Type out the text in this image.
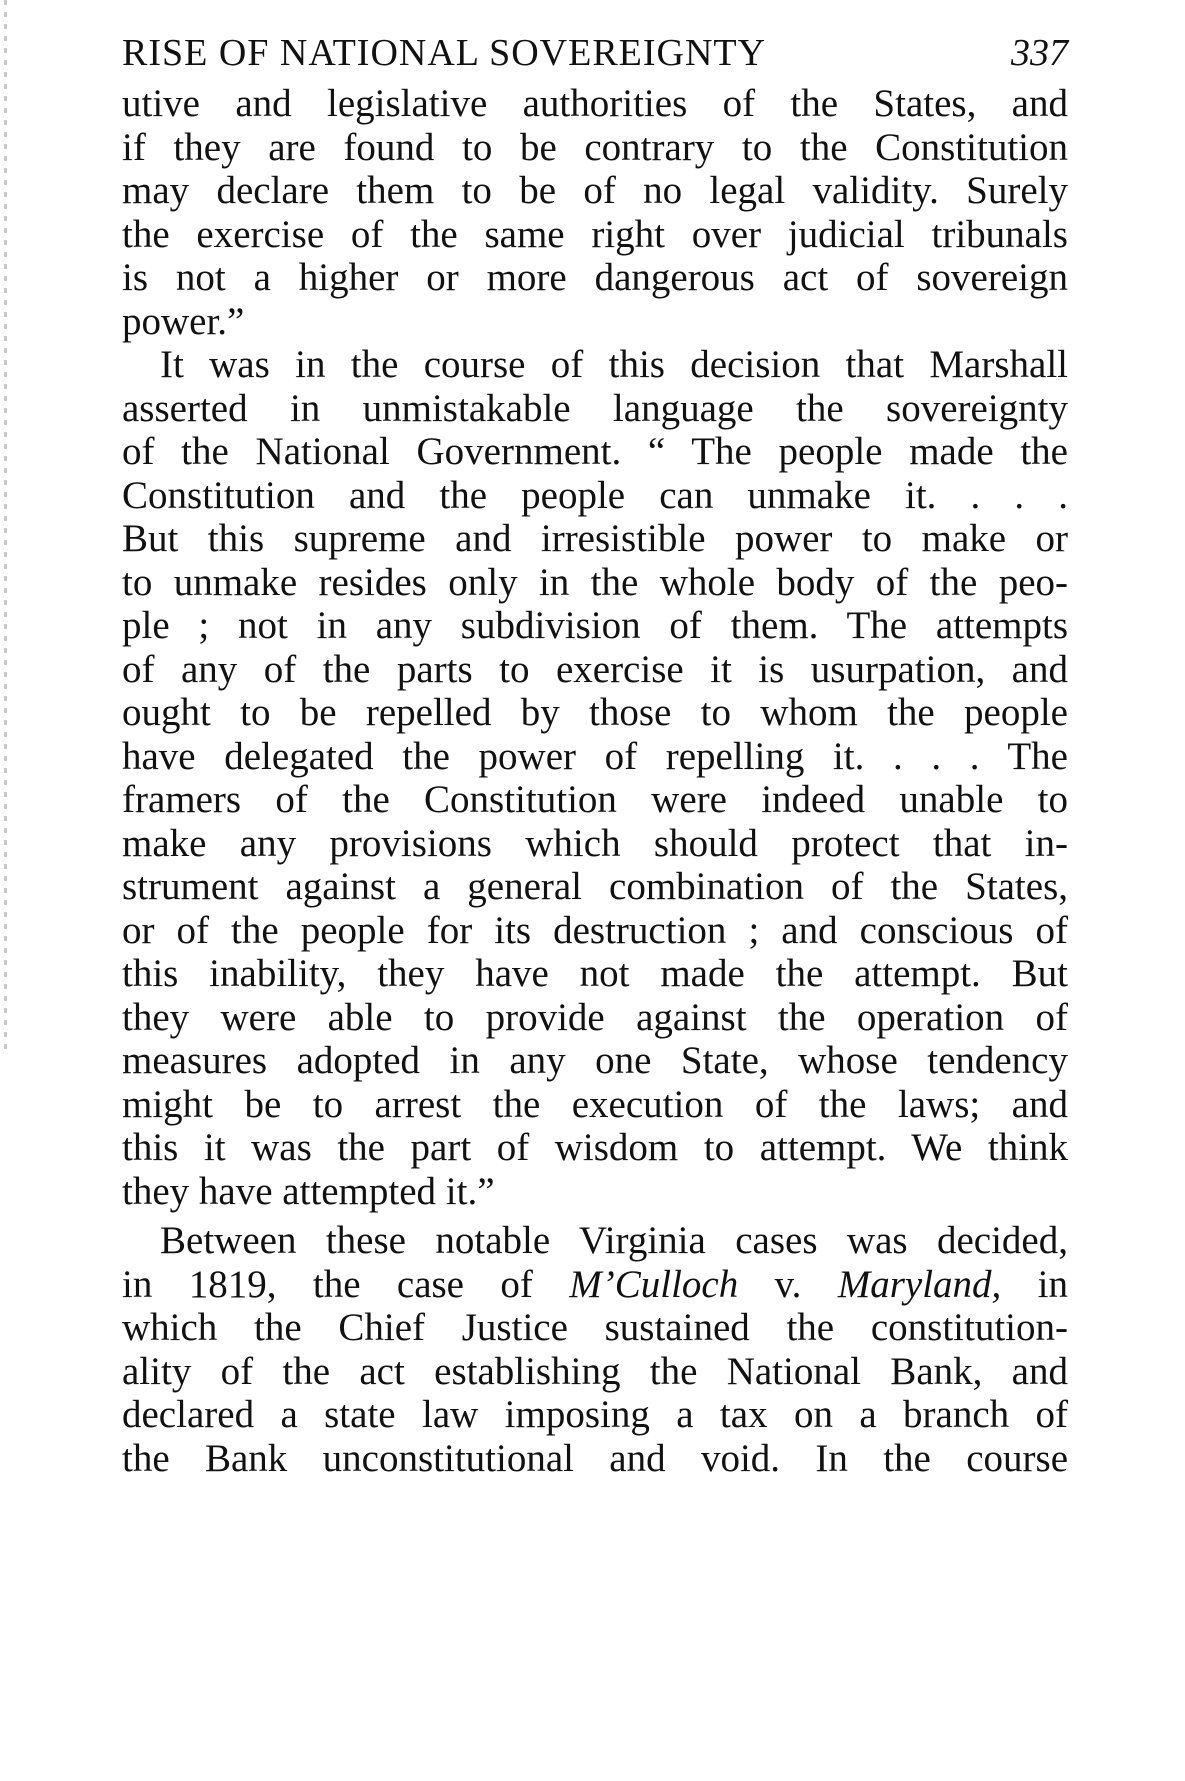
RISE OF NATIONAL SOVEREIGNTY	337
utive and legislative authorities of the States, and
if they are found to be contrary to the Constitution
may declare them to be of no legal validity. Surely
the exercise of the same right over judicial tribunals
is not a higher or more dangerous act of sovereign
power.”
It was in the course of this decision that Marshall
asserted in unmistakable language the sovereignty
of the National Government. “ The people made the
Constitution and the people can unmake it. . . .
But this supreme and irresistible power to make or
to unmake resides only in the whole body of the peo-
ple ; not in any subdivision of them. The attempts
of any of the parts to exercise it is usurpation, and
ought to be repelled by those to whom the people
have delegated the power of repelling it. . . . The
framers of the Constitution were indeed unable to
make any provisions which should protect that in-
strument against a general combination of the States,
or of the people for its destruction ; and conscious of
this inability, they have not made the attempt. But
they were able to provide against the operation of
measures adopted in any one State, whose tendency
might be to arrest the execution of the laws; and
this it was the part of wisdom to attempt. We think
they have attempted it.”
Between these notable Virginia cases was decided,
in 1819, the case of M’Culloch v. Maryland, in
which the Chief Justice sustained the constitution-
ality of the act establishing the National Bank, and
declared a state law imposing a tax on a branch of
the Bank unconstitutional and void. In the course
